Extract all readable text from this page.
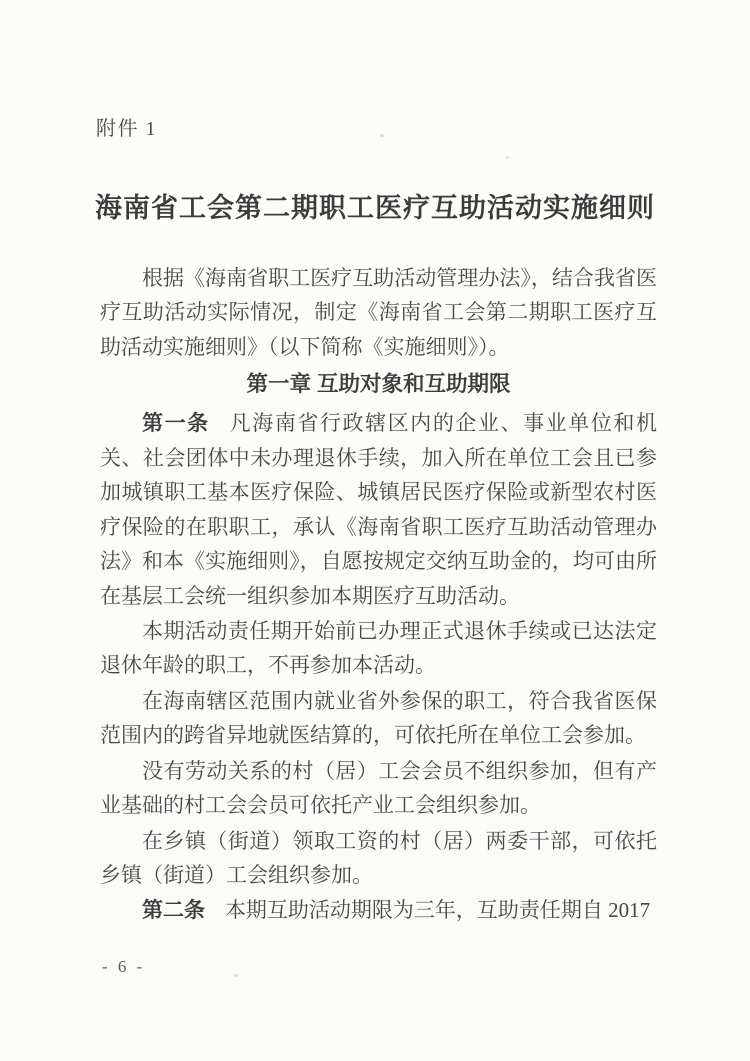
附件 1
海南省工会第二期职工医疗互助活动实施细则

根据《海南省职工医疗互助活动管理办法》，结合我省医疗互助活动实际情况，制定《海南省工会第二期职工医疗互助活动实施细则》（以下简称《实施细则》）。

第一章 互助对象和互助期限

第一条 凡海南省行政辖区内的企业、事业单位和机关、社会团体中未办理退休手续，加入所在单位工会且已参加城镇职工基本医疗保险、城镇居民医疗保险或新型农村医疗保险的在职职工，承认《海南省职工医疗互助活动管理办法》和本《实施细则》，自愿按规定交纳互助金的，均可由所在基层工会统一组织参加本期医疗互助活动。

本期活动责任期开始前已办理正式退休手续或已达法定退休年龄的职工，不再参加本活动。

在海南辖区范围内就业省外参保的职工，符合我省医保范围内的跨省异地就医结算的，可依托所在单位工会参加。

没有劳动关系的村（居）工会会员不组织参加，但有产业基础的村工会会员可依托产业工会组织参加。

在乡镇（街道）领取工资的村（居）两委干部，可依托乡镇（街道）工会组织参加。

第二条 本期互助活动期限为三年，互助责任期自 2017

- 6 -
